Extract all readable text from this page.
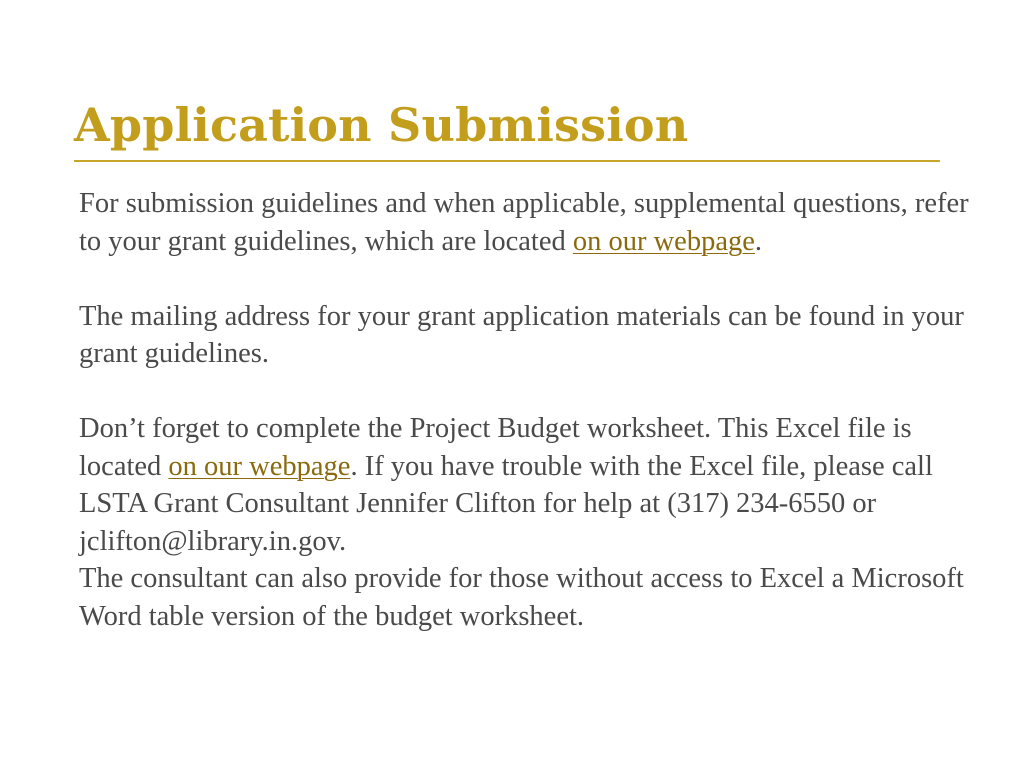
Application Submission

For submission guidelines and when applicable, supplemental questions, refer to your grant guidelines, which are located on our webpage.

The mailing address for your grant application materials can be found in your grant guidelines.

Don’t forget to complete the Project Budget worksheet. This Excel file is located on our webpage. If you have trouble with the Excel file, please call LSTA Grant Consultant Jennifer Clifton for help at (317) 234-6550 or jclifton@library.in.gov.

The consultant can also provide for those without access to Excel a Microsoft Word table version of the budget worksheet.
